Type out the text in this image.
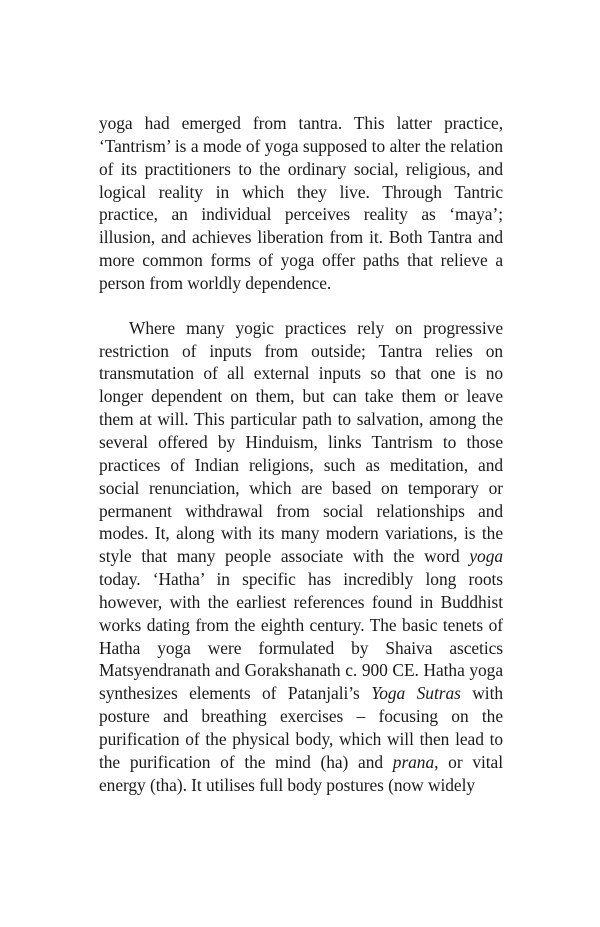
yoga had emerged from tantra. This latter practice, ‘Tantrism’ is a mode of yoga supposed to alter the relation of its practitioners to the ordinary social, religious, and logical reality in which they live. Through Tantric practice, an individual perceives reality as ‘maya’; illusion, and achieves liberation from it. Both Tantra and more common forms of yoga offer paths that relieve a person from worldly dependence.

Where many yogic practices rely on progressive restriction of inputs from outside; Tantra relies on transmutation of all external inputs so that one is no longer dependent on them, but can take them or leave them at will. This particular path to salvation, among the several offered by Hinduism, links Tantrism to those practices of Indian religions, such as meditation, and social renunciation, which are based on temporary or permanent withdrawal from social relationships and modes. It, along with its many modern variations, is the style that many people associate with the word yoga today. ‘Hatha’ in specific has incredibly long roots however, with the earliest references found in Buddhist works dating from the eighth century. The basic tenets of Hatha yoga were formulated by Shaiva ascetics Matsyendranath and Gorakshanath c. 900 CE. Hatha yoga synthesizes elements of Patanjali’s Yoga Sutras with posture and breathing exercises – focusing on the purification of the physical body, which will then lead to the purification of the mind (ha) and prana, or vital energy (tha). It utilises full body postures (now widely
